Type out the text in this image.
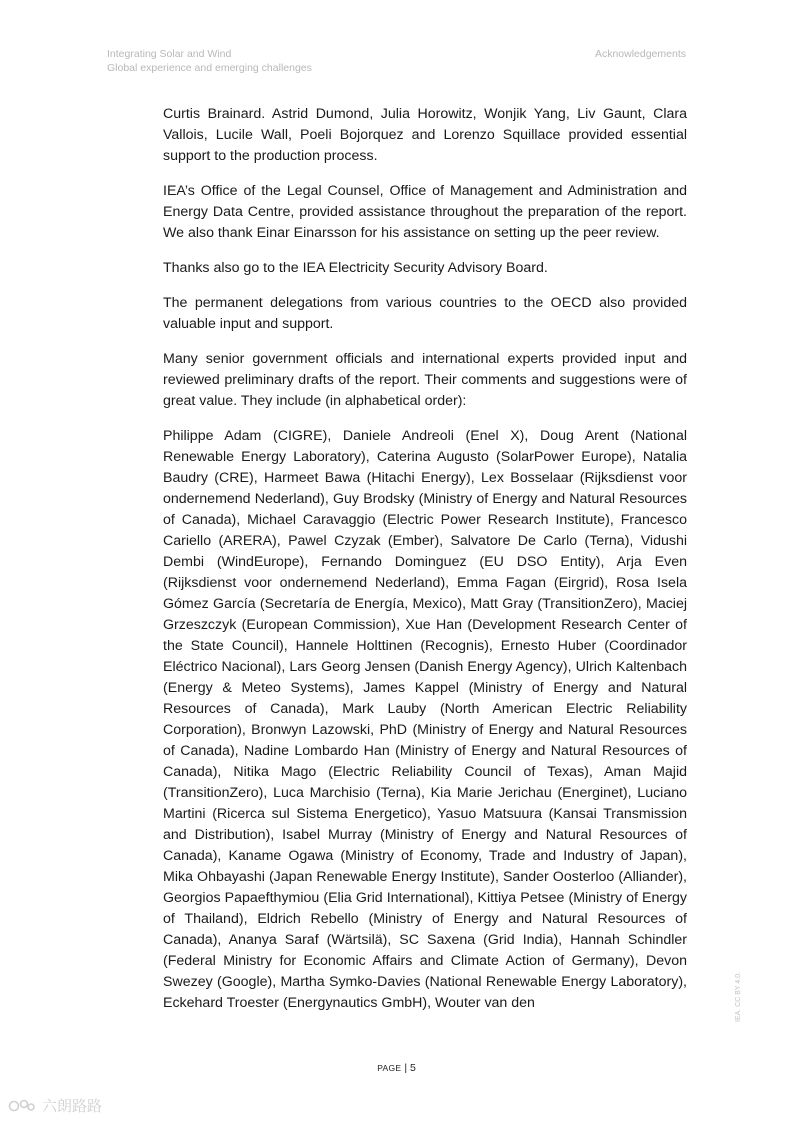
Integrating Solar and Wind
Global experience and emerging challenges
Acknowledgements

Curtis Brainard. Astrid Dumond, Julia Horowitz, Wonjik Yang, Liv Gaunt, Clara Vallois, Lucile Wall, Poeli Bojorquez and Lorenzo Squillace provided essential support to the production process.

IEA’s Office of the Legal Counsel, Office of Management and Administration and Energy Data Centre, provided assistance throughout the preparation of the report. We also thank Einar Einarsson for his assistance on setting up the peer review.

Thanks also go to the IEA Electricity Security Advisory Board.

The permanent delegations from various countries to the OECD also provided valuable input and support.

Many senior government officials and international experts provided input and reviewed preliminary drafts of the report. Their comments and suggestions were of great value. They include (in alphabetical order):

Philippe Adam (CIGRE), Daniele Andreoli (Enel X), Doug Arent (National Renewable Energy Laboratory), Caterina Augusto (SolarPower Europe), Natalia Baudry (CRE), Harmeet Bawa (Hitachi Energy), Lex Bosselaar (Rijksdienst voor ondernemend Nederland), Guy Brodsky (Ministry of Energy and Natural Resources of Canada), Michael Caravaggio (Electric Power Research Institute), Francesco Cariello (ARERA), Pawel Czyzak (Ember), Salvatore De Carlo (Terna), Vidushi Dembi (WindEurope), Fernando Dominguez (EU DSO Entity), Arja Even (Rijksdienst voor ondernemend Nederland), Emma Fagan (Eirgrid), Rosa Isela Gómez García (Secretaría de Energía, Mexico), Matt Gray (TransitionZero), Maciej Grzeszczyk (European Commission), Xue Han (Development Research Center of the State Council), Hannele Holttinen (Recognis), Ernesto Huber (Coordinador Eléctrico Nacional), Lars Georg Jensen (Danish Energy Agency), Ulrich Kaltenbach (Energy & Meteo Systems), James Kappel (Ministry of Energy and Natural Resources of Canada), Mark Lauby (North American Electric Reliability Corporation), Bronwyn Lazowski, PhD (Ministry of Energy and Natural Resources of Canada), Nadine Lombardo Han (Ministry of Energy and Natural Resources of Canada), Nitika Mago (Electric Reliability Council of Texas), Aman Majid (TransitionZero), Luca Marchisio (Terna), Kia Marie Jerichau (Energinet), Luciano Martini (Ricerca sul Sistema Energetico), Yasuo Matsuura (Kansai Transmission and Distribution), Isabel Murray (Ministry of Energy and Natural Resources of Canada), Kaname Ogawa (Ministry of Economy, Trade and Industry of Japan), Mika Ohbayashi (Japan Renewable Energy Institute), Sander Oosterloo (Alliander), Georgios Papaefthymiou (Elia Grid International), Kittiya Petsee (Ministry of Energy of Thailand), Eldrich Rebello (Ministry of Energy and Natural Resources of Canada), Ananya Saraf (Wärtsilä), SC Saxena (Grid India), Hannah Schindler (Federal Ministry for Economic Affairs and Climate Action of Germany), Devon Swezey (Google), Martha Symko-Davies (National Renewable Energy Laboratory), Eckehard Troester (Energynautics GmbH), Wouter van den

PAGE | 5
IEA. CC BY 4.0.
六朗路路
